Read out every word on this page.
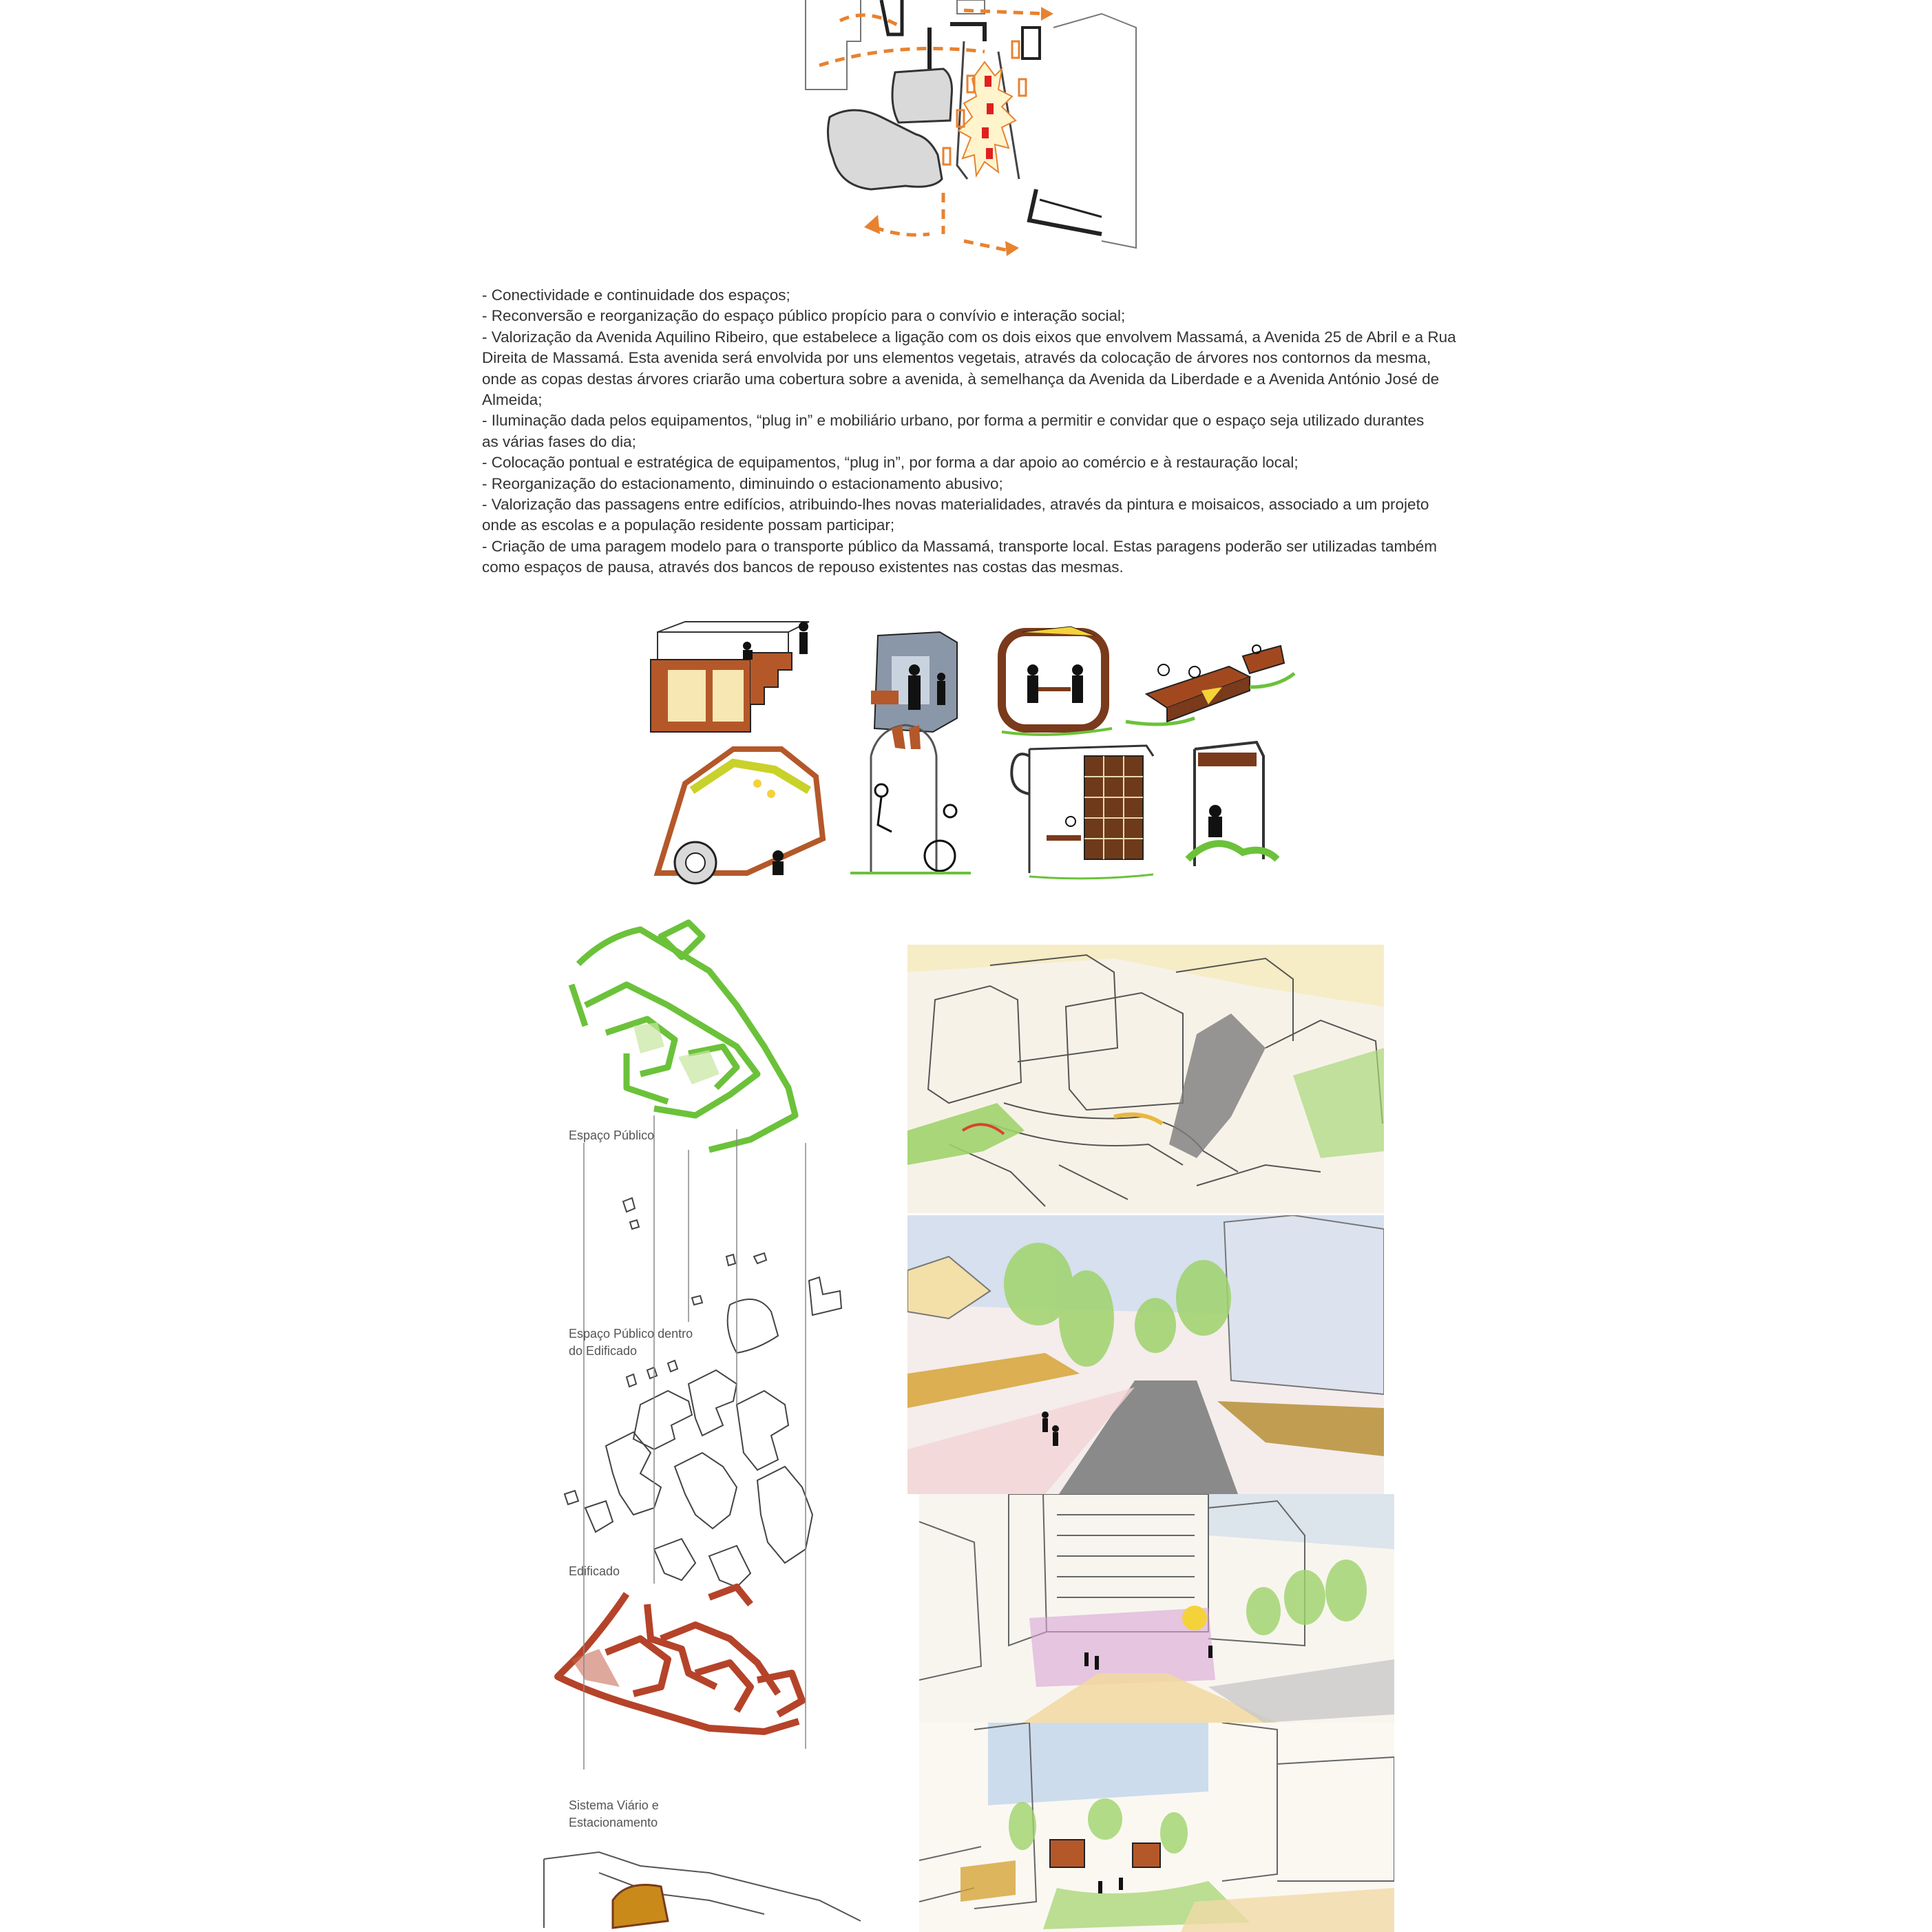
- Conectividade e continuidade dos espaços;
- Reconversão e reorganização do espaço público propício para o convívio e interação social;
- Valorização da Avenida Aquilino Ribeiro, que estabelece a ligação com os dois eixos que envolvem Massamá, a Avenida 25 de Abril e a Rua
Direita de Massamá. Esta avenida será envolvida por uns elementos vegetais, através da colocação de árvores nos contornos da mesma,
onde as copas destas árvores criarão uma cobertura sobre a avenida, à semelhança da Avenida da Liberdade e a Avenida António José de
Almeida;
- Iluminação dada pelos equipamentos, “plug in” e mobiliário urbano, por forma a permitir e convidar que o espaço seja utilizado durantes
as várias fases do dia;
- Colocação pontual e estratégica de equipamentos, “plug in”, por forma a dar apoio ao comércio e à restauração local;
- Reorganização do estacionamento, diminuindo o estacionamento abusivo;
- Valorização das passagens entre edifícios, atribuindo-lhes novas materialidades, através da pintura e moisaicos, associado a um projeto
onde as escolas e a população residente possam participar;
- Criação de uma paragem modelo para o transporte público da Massamá, transporte local. Estas paragens poderão ser utilizadas também
como espaços de pausa, através dos bancos de repouso existentes nas costas das mesmas.
Espaço Público
Espaço Público dentro
do Edificado
Edificado
Sistema Viário e
Estacionamento
